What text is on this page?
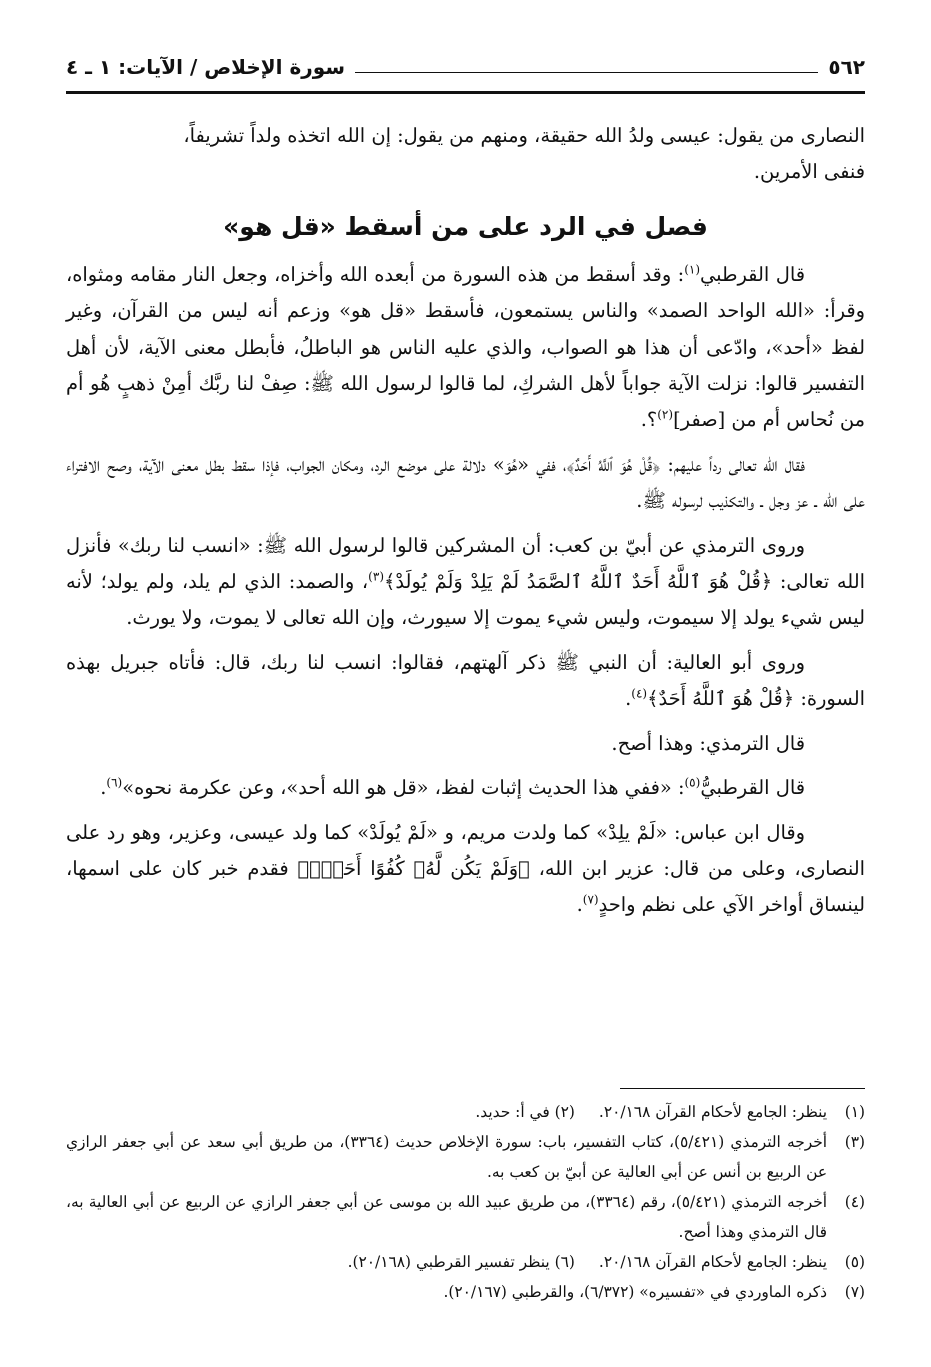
٥٦٢
سورة الإخلاص / الآيات: ١ ـ ٤

النصارى من يقول: عيسى ولدُ الله حقيقة، ومنهم من يقول: إن الله اتخذه ولداً تشريفاً،

فنفى الأمرين.

فصل في الرد على من أسقط «قل هو»

قال القرطبي$^{(١)}$: وقد أسقط من هذه السورة من أبعده الله وأخزاه، وجعل النار مقامه ومثواه، وقرأ: «الله الواحد الصمد» والناس يستمعون، فأسقط «قل هو» وزعم أنه ليس من القرآن، وغير لفظ «أحد»، وادّعى أن هذا هو الصواب، والذي عليه الناس هو الباطلُ، فأبطل معنى الآية، لأن أهل التفسير قالوا: نزلت الآية جواباً لأهل الشركِ، لما قالوا لرسول الله ﷺ: صِفْ لنا ربَّك أمِنْ ذهبٍ هُو أم من نُحاس أم من [صفر]$^{(٢)}$؟.

فقال الله تعالى رداً عليهم: ﴿قُلْ هُوَ ٱللَّهُ أَحَدٌ﴾، ففي «هُوَ» دلالة على موضع الرد، ومكان الجواب، فإذا سقط بطل معنى الآية، وصح الافتراء على الله ـ عز وجل ـ والتكذيب لرسوله ﷺ.

وروى الترمذي عن أبيّ بن كعب: أن المشركين قالوا لرسول الله ﷺ: «انسب لنا ربك» فأنزل الله تعالى: ﴿قُلْ هُوَ ٱللَّهُ أَحَدٌ ٱللَّهُ ٱلصَّمَدُ لَمْ يَلِدْ وَلَمْ يُولَدْ﴾$^{(٣)}$، والصمد: الذي لم يلد، ولم يولد؛ لأنه ليس شيء يولد إلا سيموت، وليس شيء يموت إلا سيورث، وإن الله تعالى لا يموت، ولا يورث.

وروى أبو العالية: أن النبي ﷺ ذكر آلهتهم، فقالوا: انسب لنا ربك، قال: فأتاه جبريل بهذه السورة: ﴿قُلْ هُوَ ٱللَّهُ أَحَدٌ﴾$^{(٤)}$.

قال الترمذي: وهذا أصح.

قال القرطبيُّ$^{(٥)}$: «ففي هذا الحديث إثبات لفظ، «قل هو الله أحد»، وعن عكرمة نحوه»$^{(٦)}$.

وقال ابن عباس: «لَمْ يلِدْ» كما ولدت مريم، و «لَمْ يُولَدْ» كما ولد عيسى، وعزير، وهو رد على النصارى، وعلى من قال: عزير ابن الله، ﴿وَلَمْ يَكُن لَّهُۥ كُفُوًا أَحَدٌۢ﴾ فقدم خبر كان على اسمها، لينساق أواخر الآي على نظم واحدٍ$^{(٧)}$.

(١)
ينظر: الجامع لأحكام القرآن ٢٠/١٦٨.(٢) في أ: حديد.

(٣)
أخرجه الترمذي (٥/٤٢١)، كتاب التفسير، باب: سورة الإخلاص حديث (٣٣٦٤)، من طريق أبي سعد عن أبي جعفر الرازي عن الربيع بن أنس عن أبي العالية عن أبيّ بن كعب به.

(٤)
أخرجه الترمذي (٥/٤٢١)، رقم (٣٣٦٤)، من طريق عبيد الله بن موسى عن أبي جعفر الرازي عن الربيع عن أبي العالية به، قال الترمذي وهذا أصح.

(٥)
ينظر: الجامع لأحكام القرآن ٢٠/١٦٨.(٦) ينظر تفسير القرطبي (٢٠/١٦٨).

(٧)
ذكره الماوردي في «تفسيره» (٦/٣٧٢)، والقرطبي (٢٠/١٦٧).
